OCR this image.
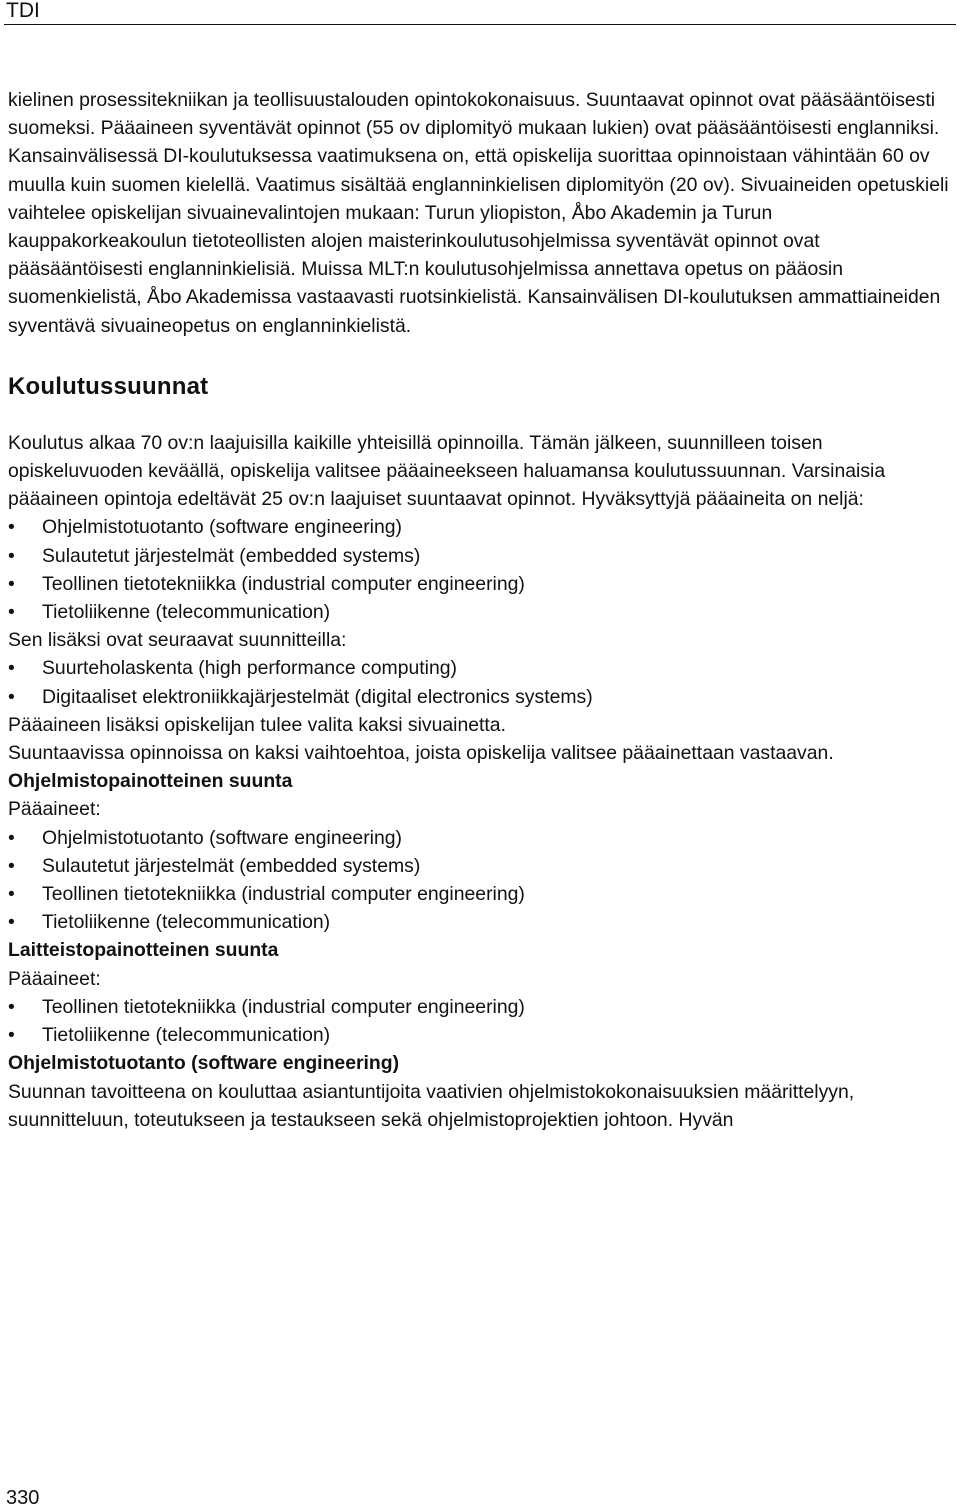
TDI

kielinen prosessitekniikan ja teollisuustalouden opintokokonaisuus. Suuntaavat opinnot ovat pääsääntöisesti suomeksi. Pääaineen syventävät opinnot (55 ov diplomityö mukaan lukien) ovat pääsääntöisesti englanniksi. Kansainvälisessä DI-koulutuksessa vaatimuksena on, että opiskelija suorittaa opinnoistaan vähintään 60 ov muulla kuin suomen kielellä. Vaatimus sisältää englanninkielisen diplomityön (20 ov). Sivuaineiden opetuskieli vaihtelee opiskelijan sivuainevalintojen mukaan: Turun yliopiston, Åbo Akademin ja Turun kauppakorkeakoulun tietoteollisten alojen maisterinkoulutusohjelmissa syventävät opinnot ovat pääsääntöisesti englanninkielisiä. Muissa MLT:n koulutusohjelmissa annettava opetus on pääosin suomenkielistä, Åbo Akademissa vastaavasti ruotsinkielistä. Kansainvälisen DI-koulutuksen ammattiaineiden syventävä sivuaineopetus on englanninkielistä.

Koulutussuunnat

Koulutus alkaa 70 ov:n laajuisilla kaikille yhteisillä opinnoilla. Tämän jälkeen, suunnilleen toisen opiskeluvuoden keväällä, opiskelija valitsee pääaineekseen haluamansa koulutussuunnan. Varsinaisia pääaineen opintoja edeltävät 25 ov:n laajuiset suuntaavat opinnot. Hyväksyttyjä pääaineita on neljä:

• Ohjelmistotuotanto (software engineering)
• Sulautetut järjestelmät (embedded systems)
• Teollinen tietotekniikka (industrial computer engineering)
• Tietoliikenne (telecommunication)

Sen lisäksi ovat seuraavat suunnitteilla:

• Suurteholaskenta (high performance computing)
• Digitaaliset elektroniikkajärjestelmät (digital electronics systems)

Pääaineen lisäksi opiskelijan tulee valita kaksi sivuainetta.

Suuntaavissa opinnoissa on kaksi vaihtoehtoa, joista opiskelija valitsee pääainettaan vastaavan.

Ohjelmistopainotteinen suunta

Pääaineet:

• Ohjelmistotuotanto (software engineering)
• Sulautetut järjestelmät (embedded systems)
• Teollinen tietotekniikka (industrial computer engineering)
• Tietoliikenne (telecommunication)

Laitteistopainotteinen suunta

Pääaineet:

• Teollinen tietotekniikka (industrial computer engineering)
• Tietoliikenne (telecommunication)

Ohjelmistotuotanto (software engineering)

Suunnan tavoitteena on kouluttaa asiantuntijoita vaativien ohjelmistokokonaisuuksien määrittelyyn, suunnitteluun, toteutukseen ja testaukseen sekä ohjelmistoprojektien johtoon. Hyvän

330
